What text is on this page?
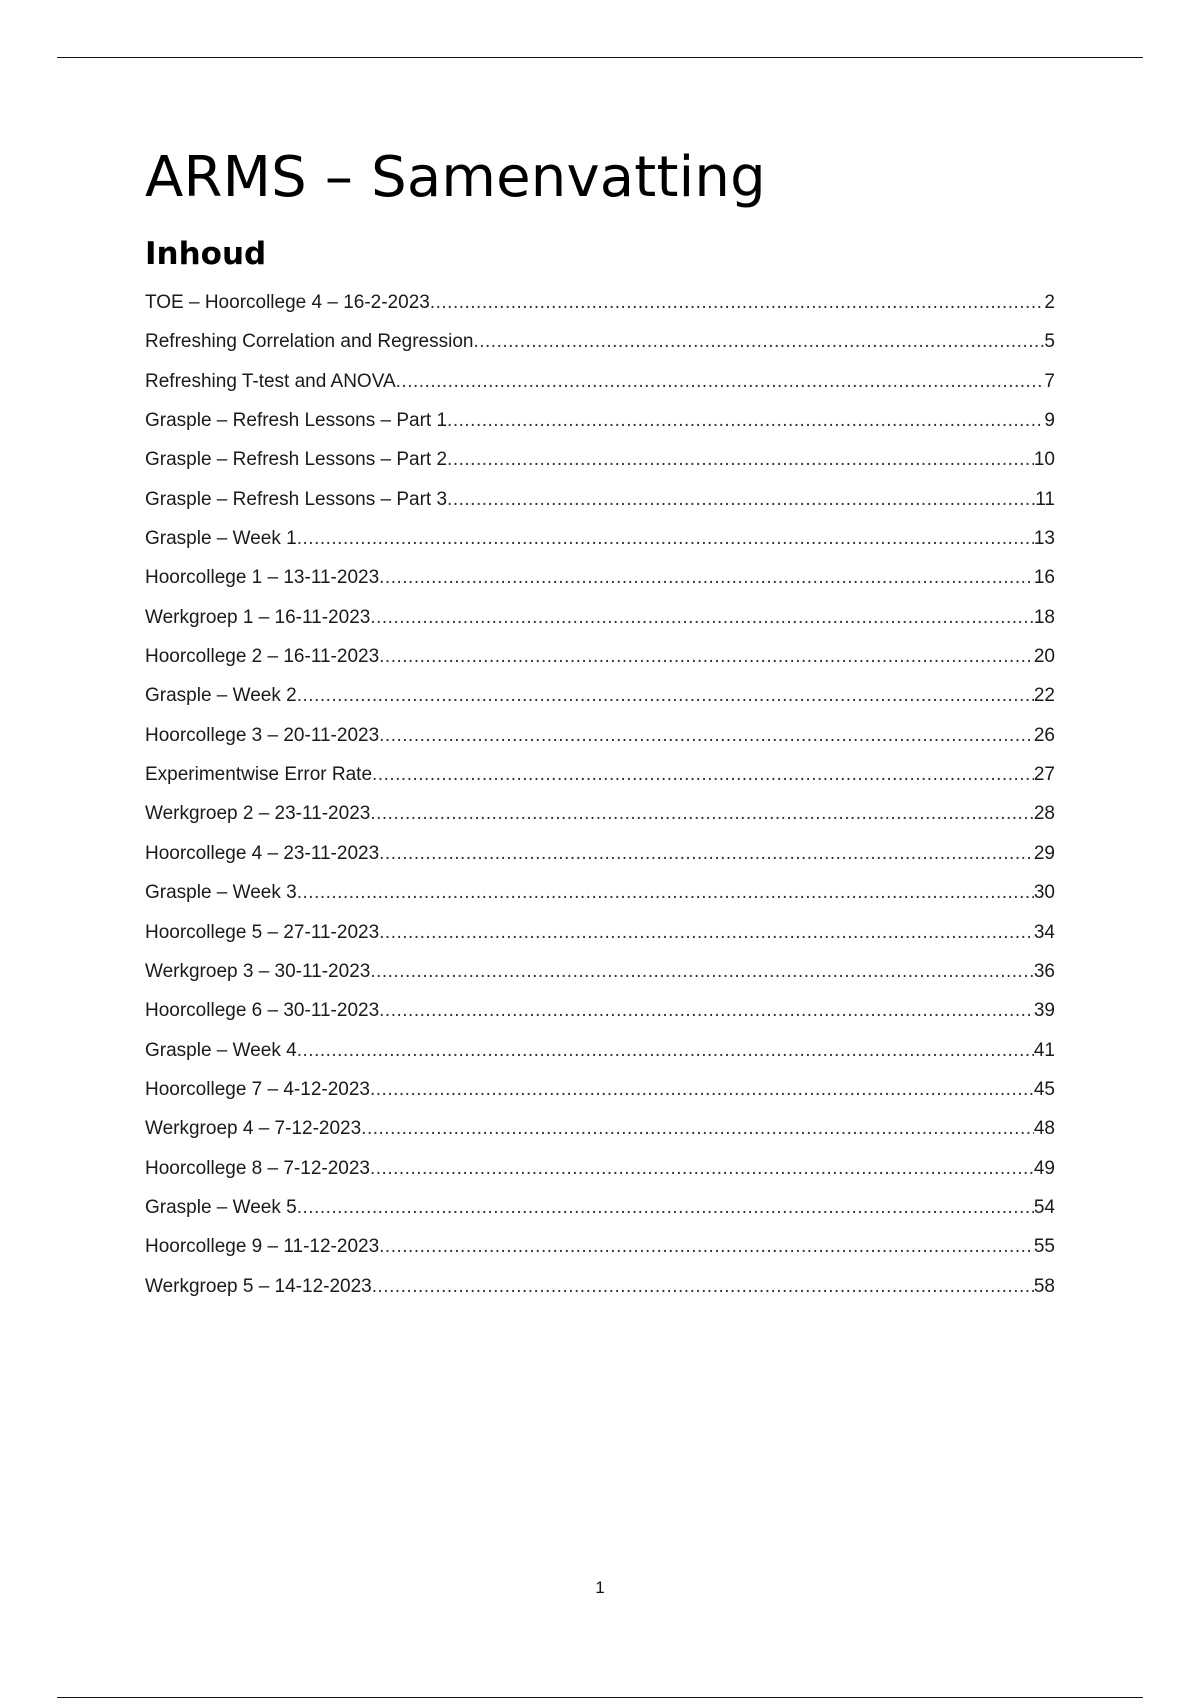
ARMS – Samenvatting
Inhoud
TOE – Hoorcollege 4 – 16-2-2023 .....	2
Refreshing Correlation and Regression .....	5
Refreshing T-test and ANOVA .....	7
Grasple – Refresh Lessons – Part 1 .....	9
Grasple – Refresh Lessons – Part 2 .....	10
Grasple – Refresh Lessons – Part 3 .....	11
Grasple – Week 1 .....	13
Hoorcollege 1 – 13-11-2023 .....	16
Werkgroep 1 – 16-11-2023 .....	18
Hoorcollege 2 – 16-11-2023 .....	20
Grasple – Week 2 .....	22
Hoorcollege 3 – 20-11-2023 .....	26
Experimentwise Error Rate .....	27
Werkgroep 2 – 23-11-2023 .....	28
Hoorcollege 4 – 23-11-2023 .....	29
Grasple – Week 3 .....	30
Hoorcollege 5 – 27-11-2023 .....	34
Werkgroep 3 – 30-11-2023 .....	36
Hoorcollege 6 – 30-11-2023 .....	39
Grasple – Week 4 .....	41
Hoorcollege 7 – 4-12-2023 .....	45
Werkgroep 4 – 7-12-2023 .....	48
Hoorcollege 8 – 7-12-2023 .....	49
Grasple – Week 5 .....	54
Hoorcollege 9 – 11-12-2023 .....	55
Werkgroep 5 – 14-12-2023 .....	58
1
